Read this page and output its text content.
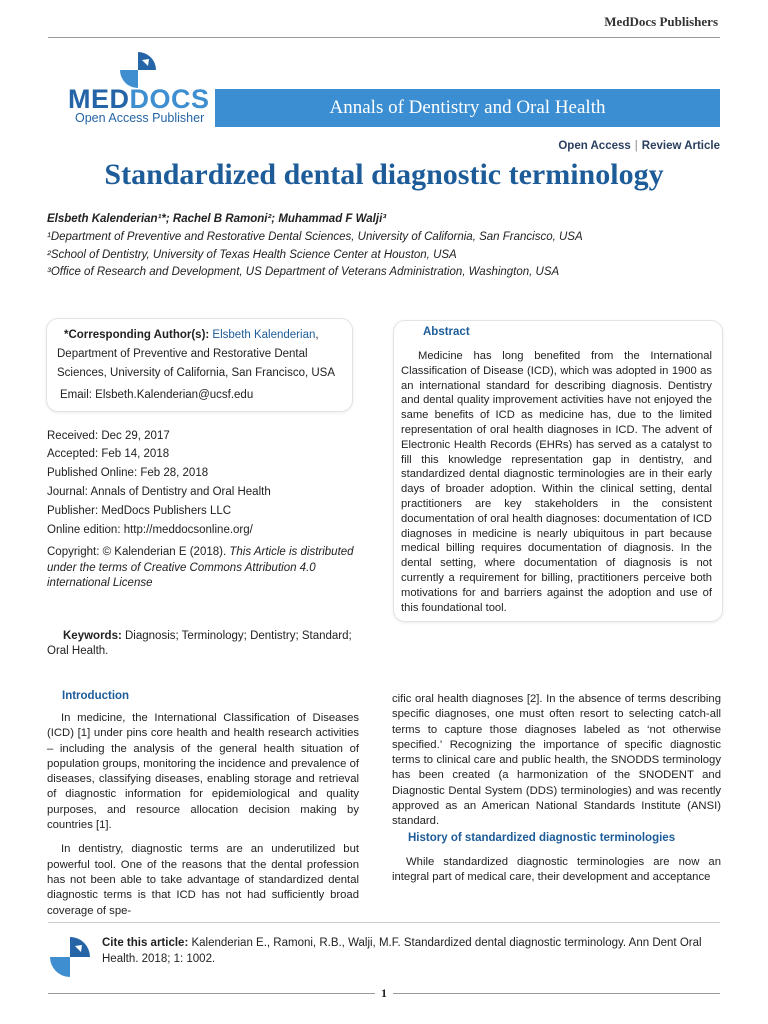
MedDocs Publishers
MEDDOCS
Open Access Publisher	Annals of Dentistry and Oral Health
Open Access | Review Article
Standardized dental diagnostic terminology
Elsbeth Kalenderian¹*; Rachel B Ramoni²; Muhammad F Walji³
¹Department of Preventive and Restorative Dental Sciences, University of California, San Francisco, USA
²School of Dentistry, University of Texas Health Science Center at Houston, USA
³Office of Research and Development, US Department of Veterans Administration, Washington, USA
*Corresponding Author(s): Elsbeth Kalenderian,
Department of Preventive and Restorative Dental Sciences, University of California, San Francisco, USA
Email: Elsbeth.Kalenderian@ucsf.edu
Abstract
Medicine has long benefited from the International Classification of Disease (ICD), which was adopted in 1900 as an international standard for describing diagnosis. Dentistry and dental quality improvement activities have not enjoyed the same benefits of ICD as medicine has, due to the limited representation of oral health diagnoses in ICD. The advent of Electronic Health Records (EHRs) has served as a catalyst to fill this knowledge representation gap in dentistry, and standardized dental diagnostic terminologies are in their early days of broader adoption. Within the clinical setting, dental practitioners are key stakeholders in the consistent documentation of oral health diagnoses: documentation of ICD diagnoses in medicine is nearly ubiquitous in part because medical billing requires documentation of diagnosis. In the dental setting, where documentation of diagnosis is not currently a requirement for billing, practitioners perceive both motivations for and barriers against the adoption and use of this foundational tool.
Received: Dec 29, 2017
Accepted: Feb 14, 2018
Published Online: Feb 28, 2018
Journal: Annals of Dentistry and Oral Health
Publisher: MedDocs Publishers LLC
Online edition: http://meddocsonline.org/
Copyright: © Kalenderian E (2018). This Article is distributed under the terms of Creative Commons Attribution 4.0 international License
Keywords: Diagnosis; Terminology; Dentistry; Standard; Oral Health.
Introduction

In medicine, the International Classification of Diseases (ICD) [1] under pins core health and health research activities – including the analysis of the general health situation of population groups, monitoring the incidence and prevalence of diseases, classifying diseases, enabling storage and retrieval of diagnostic information for epidemiological and quality purposes, and resource allocation decision making by countries [1].

In dentistry, diagnostic terms are an underutilized but powerful tool. One of the reasons that the dental profession has not been able to take advantage of standardized dental diagnostic terms is that ICD has not had sufficiently broad coverage of spe-

cific oral health diagnoses [2]. In the absence of terms describing specific diagnoses, one must often resort to selecting catch-all terms to capture those diagnoses labeled as ‘not otherwise specified.’ Recognizing the importance of specific diagnostic terms to clinical care and public health, the SNODDS terminology has been created (a harmonization of the SNODENT and Diagnostic Dental System (DDS) terminologies) and was recently approved as an American National Standards Institute (ANSI) standard.

History of standardized diagnostic terminologies

While standardized diagnostic terminologies are now an integral part of medical care, their development and acceptance

Cite this article: Kalenderian E., Ramoni, R.B., Walji, M.F. Standardized dental diagnostic terminology. Ann Dent Oral Health. 2018; 1: 1002.
1
